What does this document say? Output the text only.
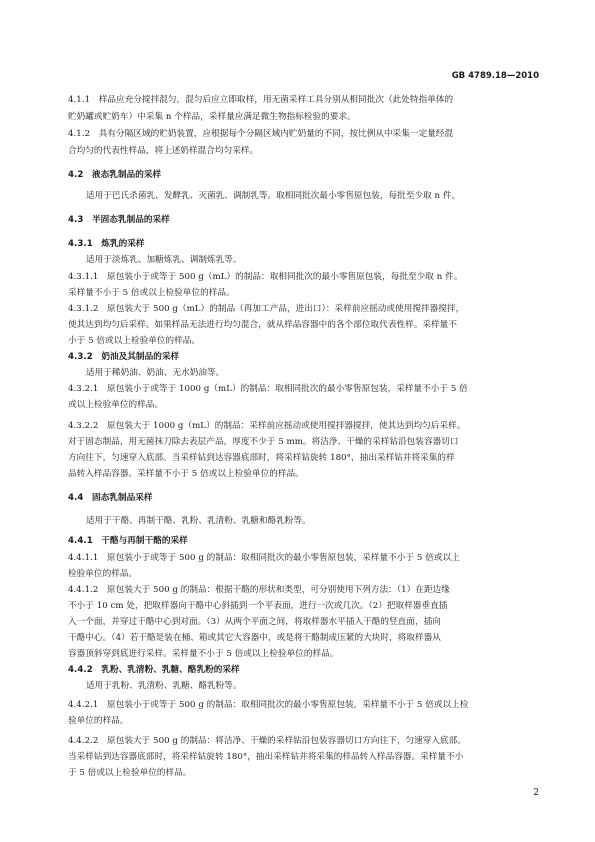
GB 4789.18—2010
4.1.1　样品应充分搅拌混匀，混匀后应立即取样，用无菌采样工具分别从相同批次（此处特指单体的
贮奶罐或贮奶车）中采集 n 个样品，采样量应满足微生物指标检验的要求。
4.1.2　具有分隔区域的贮奶装置，应根据每个分隔区域内贮奶量的不同，按比例从中采集一定量经混
合均匀的代表性样品，将上述奶样混合均匀采样。
4.2　液态乳制品的采样
适用于巴氏杀菌乳、发酵乳、灭菌乳、调制乳等。取相同批次最小零售原包装，每批至少取 n 件。
4.3　半固态乳制品的采样
4.3.1　炼乳的采样
适用于淡炼乳、加糖炼乳、调制炼乳等。
4.3.1.1　原包装小于或等于 500 g（mL）的制品：取相同批次的最小零售原包装，每批至少取 n 件。
采样量不小于 5 倍或以上检验单位的样品。
4.3.1.2　原包装大于 500 g（mL）的制品（再加工产品，进出口）：采样前应摇动或使用搅拌器搅拌，
使其达到均匀后采样。如果样品无法进行均匀混合，就从样品容器中的各个部位取代表性样。采样量不
小于 5 倍或以上检验单位的样品。
4.3.2　奶油及其制品的采样
适用于稀奶油、奶油、无水奶油等。
4.3.2.1　原包装小于或等于 1000 g（mL）的制品：取相同批次的最小零售原包装，采样量不小于 5 倍
或以上检验单位的样品。
4.3.2.2　原包装大于 1000 g（mL）的制品：采样前应摇动或使用搅拌器搅拌，使其达到均匀后采样。
对于固态制品，用无菌抹刀除去表层产品，厚度不少于 5 mm。将洁净、干燥的采样钻沿包装容器切口
方向往下，匀速穿入底部。当采样钻到达容器底部时，将采样钻旋转 180°，抽出采样钻并将采集的样
品转入样品容器。采样量不小于 5 倍或以上检验单位的样品。
4.4　固态乳制品采样
适用于干酪、再制干酪、乳粉、乳清粉、乳糖和酪乳粉等。
4.4.1　干酪与再制干酪的采样
4.4.1.1　原包装小于或等于 500 g 的制品：取相同批次的最小零售原包装，采样量不小于 5 倍或以上
检验单位的样品。
4.4.1.2　原包装大于 500 g 的制品：根据干酪的形状和类型，可分别使用下列方法：（1）在距边缘
不小于 10 cm 处，把取样器向干酪中心斜插到一个平表面，进行一次或几次。（2）把取样器垂直插
入一个面，并穿过干酪中心到对面。（3）从两个平面之间，将取样器水平插入干酪的竖直面，插向
干酪中心。（4）若干酪是装在桶、箱或其它大容器中，或是将干酪制成压紧的大块时，将取样器从
容器顶斜穿到底进行采样。采样量不小于 5 倍或以上检验单位的样品。
4.4.2　乳粉、乳清粉、乳糖、酪乳粉的采样
适用于乳粉、乳清粉、乳糖、酪乳粉等。
4.4.2.1　原包装小于或等于 500 g 的制品：取相同批次的最小零售原包装，采样量不小于 5 倍或以上检
验单位的样品。
4.4.2.2　原包装大于 500 g 的制品：将洁净、干燥的采样钻沿包装容器切口方向往下，匀速穿入底部。
当采样钻到达容器底部时，将采样钻旋转 180°，抽出采样钻并将采集的样品转入样品容器。采样量不小
于 5 倍或以上检验单位的样品。
2
